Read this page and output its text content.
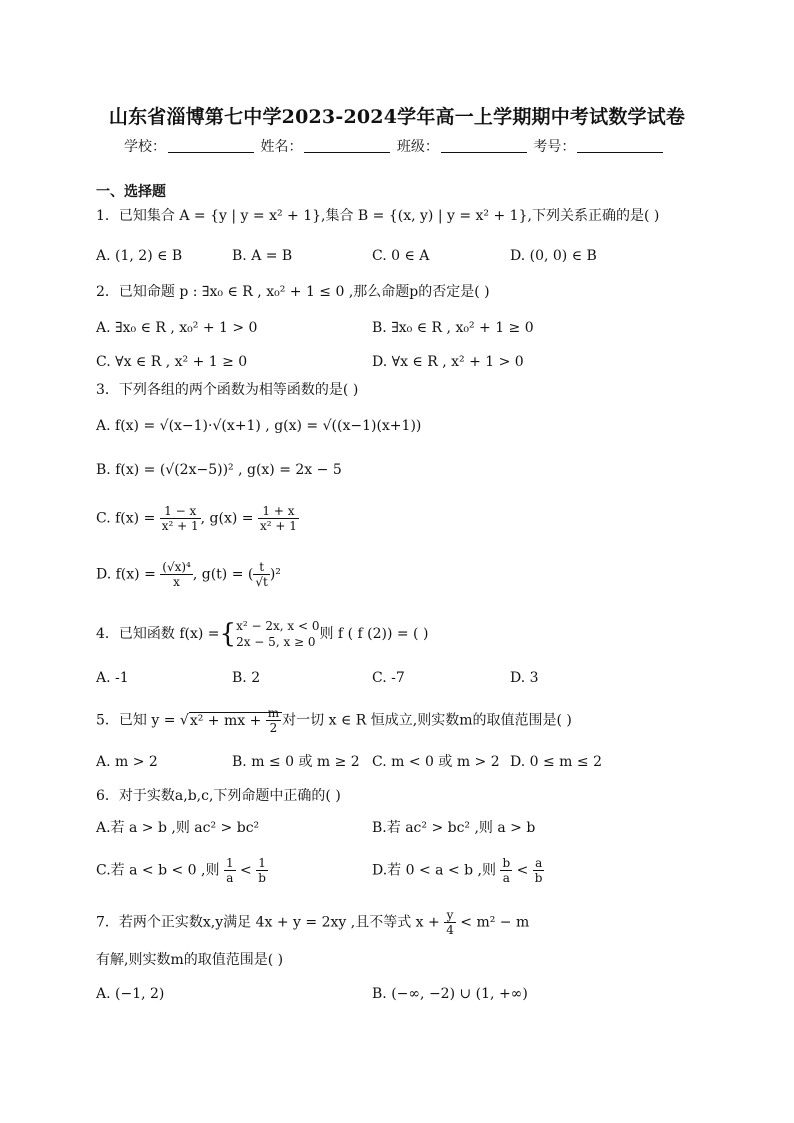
山东省淄博第七中学2023-2024学年高一上学期期中考试数学试卷
学校：	姓名：	班级：	考号：
一、选择题
1．已知集合 A = {y | y = x² + 1},集合 B = {(x, y) | y = x² + 1},下列关系正确的是( )
A. (1, 2) ∈ B	B. A = B	C. 0 ∈ A	D. (0, 0) ∈ B
2．已知命题 p : ∃x₀ ∈ R , x₀² + 1 ≤ 0 ,那么命题p的否定是( )
A. ∃x₀ ∈ R , x₀² + 1 > 0	B. ∃x₀ ∈ R , x₀² + 1 ≥ 0
C. ∀x ∈ R , x² + 1 ≥ 0	D. ∀x ∈ R , x² + 1 > 0
3．下列各组的两个函数为相等函数的是( )
A. f(x) = √(x−1)·√(x+1) , g(x) = √((x−1)(x+1))
B. f(x) = (√(2x−5))² , g(x) = 2x − 5
C. $f(x) = \frac{1 - x}{\text{x² + 1}}$ , $g(x) = \frac{1 + x}{\text{x² + 1}}$
D. $f(x) = \frac{\text{(√x)⁴}}{x}$ , g(t) = ( $\frac{t}{√t} )^2$
4．已知函数 f(x) ={ x² − 2x, x < 0
2x − 5, x ≥ 0 则 f ( f (2)) = ( )
A. -1	B. 2	C. -7	D. 3
5．已知 y = √x² + mx + $\frac{m}{2}$ 对一切 x ∈ R 恒成立,则实数m的取值范围是( )
A. m > 2	B. m ≤ 0 或 m ≥ 2 C. m < 0 或 m > 2 D. 0 ≤ m ≤ 2
6．对于实数a,b,c,下列命题中正确的( )
A.若 a > b ,则 ac² > bc²	B.若 ac² > bc² ,则 a > b
C.若 a < b < 0 ,则 $\frac{1}{a} < \frac{1}{b}$	D.若 0 < a < b ,则 $\frac{b}{a} < \frac{a}{b}$
7．若两个正实数x,y满足 4x + y = 2xy ,且不等式 $x + \frac{y}{4} < m^2 - m$
有解,则实数m的取值范围是( )
A. (−1, 2)	B. (−∞, −2) ∪ (1, +∞)
